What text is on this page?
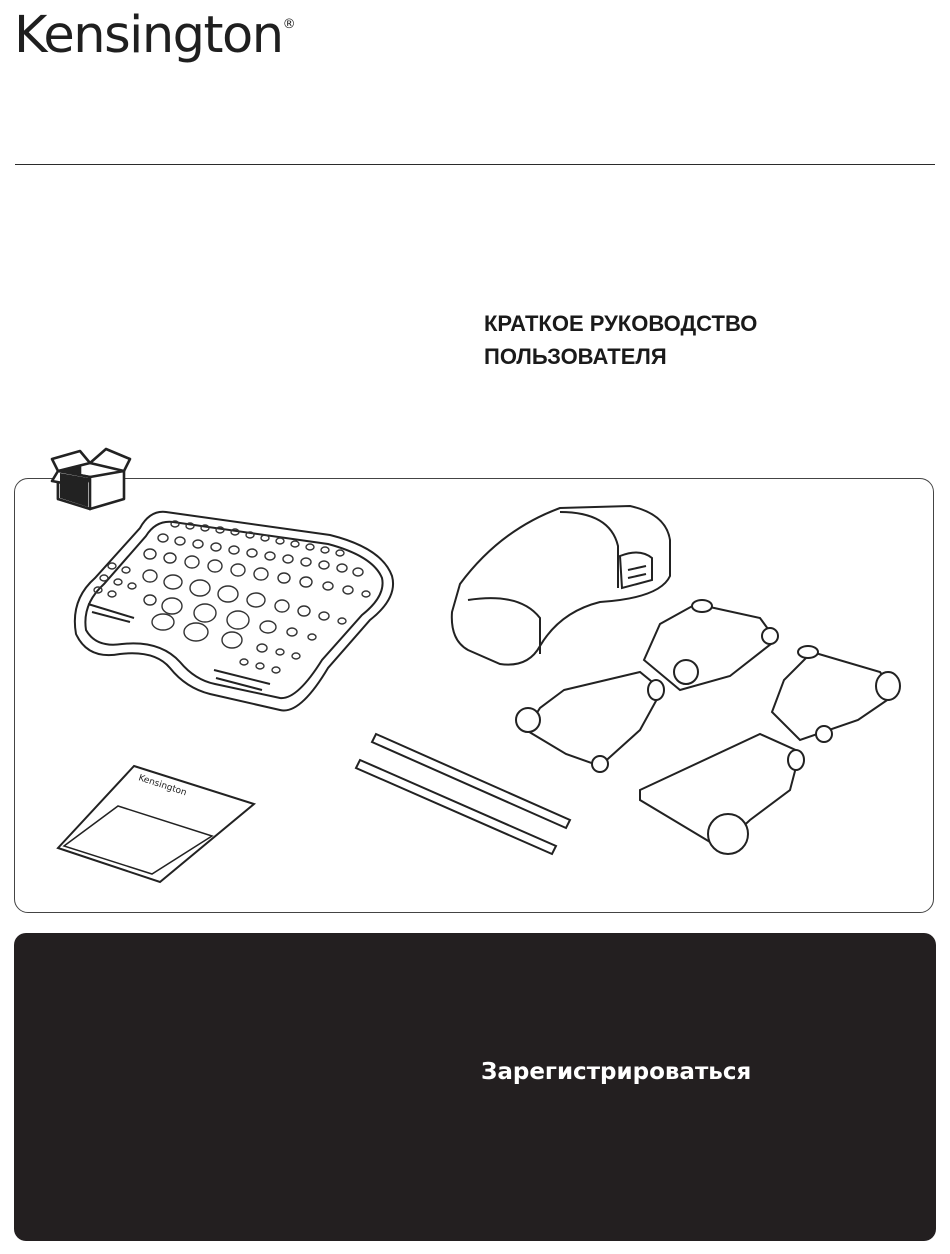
Kensington®
КРАТКОЕ РУКОВОДСТВО
ПОЛЬЗОВАТЕЛЯ
Kensington
Зарегистрироваться
